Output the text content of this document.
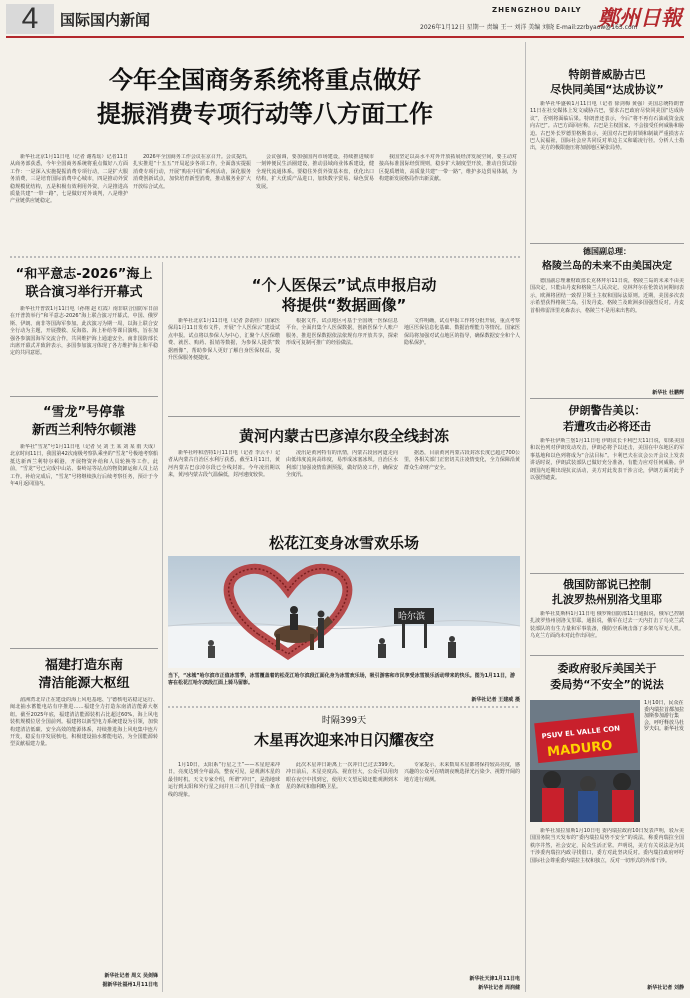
4	国际国内新闻
ZHENGZHOU DAILY 鄭州日報
2026年1月12日 星期一 责编 王一 刘洋 美编 刘晓 E-mail:zzrbyaow@163.com
今年全国商务系统将重点做好
提振消费专项行动等八方面工作

新华社北京1月11日电（记者 谢希瑶）记者11日从商务部获悉，今年全国商务系统将重点做好八方面工作：一是深入实施提振消费专项行动，二是扩大服务消费，三是培育国际消费中心城市，四是推动外贸稳规模优结构，五是积极有效利用外资，六是推进高质量共建“一带一路”，七是做好对外谈判，八是维护产业链供应链稳定。

2026年全国商务工作会议在京召开。会议提出，扎实推进“十五五”开局起步各项工作，全面落实提振消费专项行动，开展“购在中国”系列活动，深化服务消费创新试点，加快培育新型消费，推动服务业扩大开放综合试点。

会议强调，要加强国内市场建设，持续推进城市一刻钟便民生活圈建设，推动县域商业体系建设，健全现代流通体系。要稳住外贸外资基本盘，优化出口结构，扩大优质产品进口，加快数字贸易、绿色贸易发展。

我国坚定以高水平对外开放拓展经济发展空间，要主动对接高标准国际经贸规则，稳步扩大制度型开放，推动自贸试验区提质增效，高质量共建“一带一路”，维护多边贸易体制，为构建新发展格局作出新贡献。

“和平意志-2026”海上
联合演习举行开幕式

新华社开普敦1月11日电（孙翔 赵 红霞）南非联合国防军日前在开普敦举行“和平意志-2026”海上联合演习开幕式。中国、俄罗斯、伊朗、南非等国海军参加。此次演习为期一周，以海上联合安全行动为主题，开展搜救、反海盗、海上补给等课目演练，旨在加强各参演国海军交流合作，共同维护海上通道安全。南非国防部长出席开幕式并致辞表示，多国参加演习体现了各方维护海上和平稳定的共同意愿。

“雪龙”号停靠
新西兰利特尔顿港

新华社“雪龙”号1月11日电（记者 吴 刘 王 某 刘 某 雨 天成）北京时间11日，我国第42次南极考察队乘坐的“雪龙”号极地考察船抵达新西兰利特尔顿港，开展物资补给和人员轮换等工作。此前，“雪龙”号已完成中山站、秦岭站等站点的物资卸运和人员上站工作。补给完成后，“雪龙”号将继续执行后续考察任务，预计于今年4月返回国内。

福建打造东南
清洁能源大枢纽

湄洲湾北岸正在建设的海上风电基地、宁德核电站稳定运行、闽北抽水蓄能电站有序推进……福建全力打造东南清洁能源大枢纽。截至2025年底，福建清洁能源装机占比超过60%，海上风电装机规模位居全国前列。福建将以新型电力系统建设为引领，加快构建清洁低碳、安全高效的能源体系，持续推进海上风电集中连片开发，稳妥有序发展核电，积极建设抽水蓄能电站，为全国能源转型贡献福建力量。

新华社记者 周义 吴剑锋
据新华社福州1月11日电
“个人医保云”试点申报启动
将提供“数据画像”

新华社北京1月11日电（记者 彭韵佳）国家医保局1月11日发布文件，开展“个人医保云”建设试点申报。试点将以参保人为中心，汇聚个人医保缴费、就医、购药、报销等数据，为参保人提供“数据画像”，帮助参保人更好了解自身医保权益，提升医保服务便捷度。

根据文件，试点地区可基于全国统一医保信息平台，全面归集个人医保数据，创新医保个人账户服务，推进医保数据依法依规有序开放共享，探索形成可复制可推广的经验做法。

文件明确，试点申报工作将分批开展，重点考察地区医保信息化基础、数据治理能力等情况。国家医保局将加强对试点地区的指导，确保数据安全和个人隐私保护。

黄河内蒙古巴彦淖尔段全线封冻

新华社呼和浩特1月11日电（记者 李云平）记者从内蒙古自治区水利厅获悉，截至1月11日，黄河内蒙古巴彦淖尔段已全线封冻。今年凌汛期以来，黄河内蒙古段气温偏低，封河速度较快。

凌汛是黄河特有的汛情，内蒙古段因河道走向由低纬度流向高纬度，易形成冰塞冰坝。自治区水利部门加强凌情监测预报，做好防凌工作，确保安全度汛。

据悉，目前黄河内蒙古段封冻长度已超过700公里，各相关部门正密切关注凌情变化，全力保障沿黄群众生命财产安全。

松花江变身冰雪欢乐场
哈尔滨
当下，“冰城”哈尔滨市正值冰雪季，冰雪覆盖着的松花江哈尔滨段江面化身为冰雪欢乐场，吸引游客和市民享受冰雪娱乐活动带来的快乐。图为1月11日，游客在松花江哈尔滨段江面上骑马留影。
新华社记者 王建威 摄
时隔399天
木星再次迎来冲日闪耀夜空

1月10日，太阳系“行星之王”——木星迎来冲日，亮度达到全年最高，整夜可见，是观测木星的最佳时机。天文专家介绍，所谓“冲日”，是指地球运行到太阳和外行星之间并且三者几乎排成一条直线的现象。

此次木星冲日距离上一次冲日已过去399天。冲日前后，木星亮度高、视直径大，公众可以用肉眼在夜空中找到它，使用天文望远镜还能观测到木星的条纹和伽利略卫星。

专家提示，未来数周木星都将保持较高亮度，感兴趣的公众可在晴朗夜晚选择光污染少、视野开阔的地方进行观测。

新华社天津1月11日电
新华社记者 周润健
特朗普威胁古巴
尽快同美国“达成协议”

新华社华盛顿1月11日电（记者 徐剑梅 黄强）美国总统特朗普11日在社交媒体上发文威胁古巴，要求古巴政府尽快同美国“达成协议”，否则将面临后果。特朗普还表示，今后“将不再有石油或资金流向古巴”。古巴方面回应称，古巴是主权国家，不会接受任何威胁和胁迫。古巴外长罗德里格斯表示，美国对古巴的封锁和制裁严重损害古巴人民福祉，国际社会应共同反对单边主义和霸凌行径。分析人士指出，美方的极限施压将加剧地区紧张局势。

德国副总理：
格陵兰岛的未来不由美国决定

德国副总理兼财政部长克林拜尔11日说，格陵兰岛的未来不由美国决定，只能由丹麦和格陵兰人民决定。克林拜尔在伦敦访问期间表示，欧洲将团结一致捍卫领土主权和国际法原则。近期，美国多次表示希望获得格陵兰岛，引发丹麦、格陵兰及欧洲多国强烈反对。丹麦首相弗雷泽里克森表示，格陵兰不是用来出售的。

新华社 杜鹏辉
伊朗警告美以：
若遭攻击必将还击

新华社伊斯兰堡1月11日电 伊朗议长卡利巴夫11日说，如果美国和以色列对伊朗发动攻击，伊朗必将予以还击，美国在中东地区的军事基地和以色列将成为“合法目标”。卡利巴夫在议会公开会议上发表讲话时说，伊朗武装部队已做好充分准备，有能力应对任何威胁。伊朗国内近期出现抗议活动，美方对此发表干涉言论，伊朗方面对此予以强烈谴责。

俄国防部说已控制
扎波罗热州别洛戈里耶

新华社莫斯科1月11日电 俄罗斯国防部11日通报说，俄军已控制扎波罗热州别洛戈里耶。通报说，俄军在过去一天内打击了乌克兰武装部队的有生力量和军事装备，俄防空系统击落了多架乌军无人机。乌克兰方面尚未对此作出回应。

委政府驳斥美国关于
委局势“不安全”的说法
PSUV EL VALLE CON
MADURO
1月10日，民众在委内瑞拉首都加拉加斯参加游行集会，呼吁释放马杜罗夫妇。新华社发

新华社加拉加斯1月10日电 委内瑞拉政府10日发表声明，驳斥美国国务院当天发布的“委内瑞拉局势不安全”的说法，称委内瑞拉全国秩序井然，社会安定，民众生活正常。声明说，美方有关说法是为其干涉委内瑞拉内政寻找借口，委方对此坚决反对。委内瑞拉政府呼吁国际社会尊重委内瑞拉主权和独立，反对一切形式的外部干涉。

新华社记者 刘静
